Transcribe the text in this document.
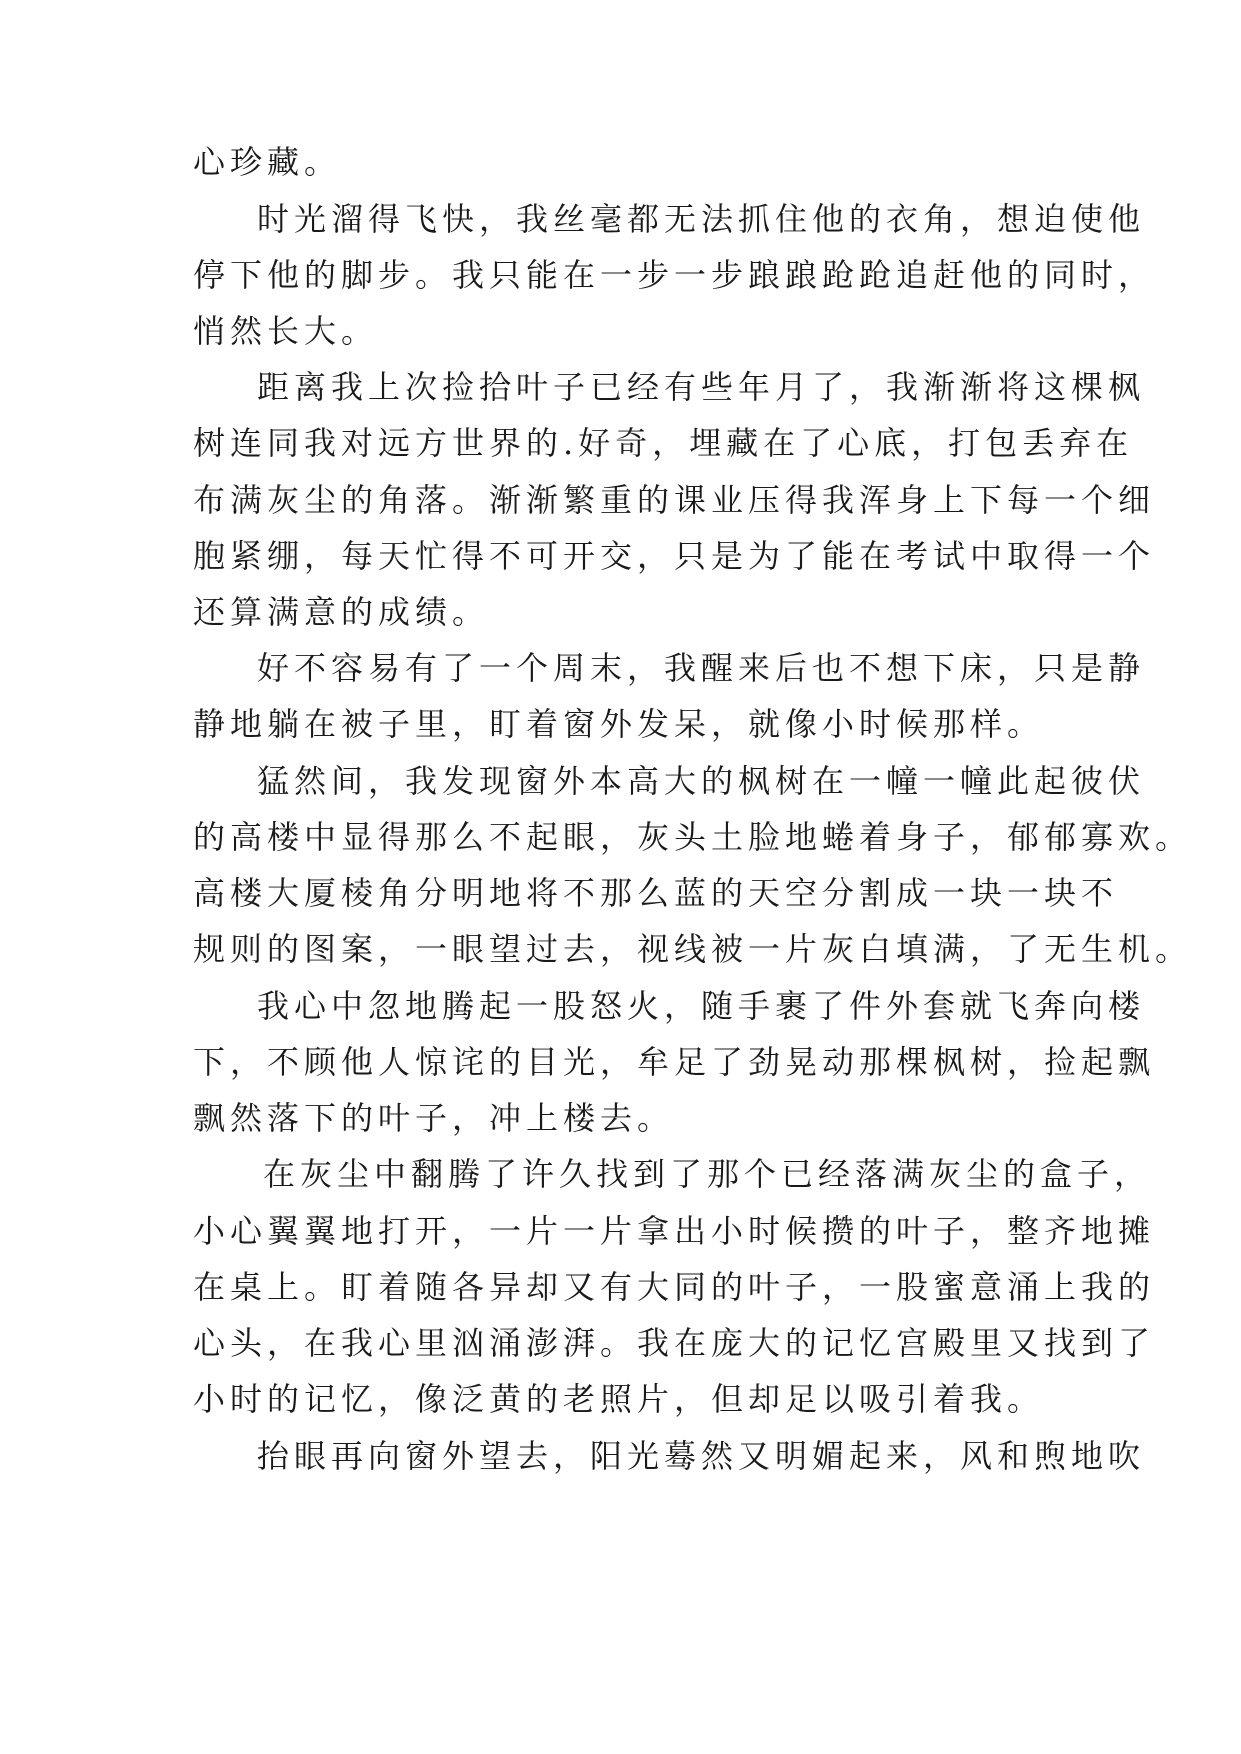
心珍藏。
时光溜得飞快，我丝毫都无法抓住他的衣角，想迫使他
停下他的脚步。我只能在一步一步踉踉跄跄追赶他的同时，
悄然长大。
距离我上次捡拾叶子已经有些年月了，我渐渐将这棵枫
树连同我对远方世界的.好奇，埋藏在了心底，打包丢弃在
布满灰尘的角落。渐渐繁重的课业压得我浑身上下每一个细
胞紧绷，每天忙得不可开交，只是为了能在考试中取得一个
还算满意的成绩。
好不容易有了一个周末，我醒来后也不想下床，只是静
静地躺在被子里，盯着窗外发呆，就像小时候那样。
猛然间，我发现窗外本高大的枫树在一幢一幢此起彼伏
的高楼中显得那么不起眼，灰头土脸地蜷着身子，郁郁寡欢。
高楼大厦棱角分明地将不那么蓝的天空分割成一块一块不
规则的图案，一眼望过去，视线被一片灰白填满，了无生机。
我心中忽地腾起一股怒火，随手裹了件外套就飞奔向楼
下，不顾他人惊诧的目光，牟足了劲晃动那棵枫树，捡起飘
飘然落下的叶子，冲上楼去。
在灰尘中翻腾了许久找到了那个已经落满灰尘的盒子，
小心翼翼地打开，一片一片拿出小时候攒的叶子，整齐地摊
在桌上。盯着随各异却又有大同的叶子，一股蜜意涌上我的
心头，在我心里汹涌澎湃。我在庞大的记忆宫殿里又找到了
小时的记忆，像泛黄的老照片，但却足以吸引着我。
抬眼再向窗外望去，阳光蓦然又明媚起来，风和煦地吹
